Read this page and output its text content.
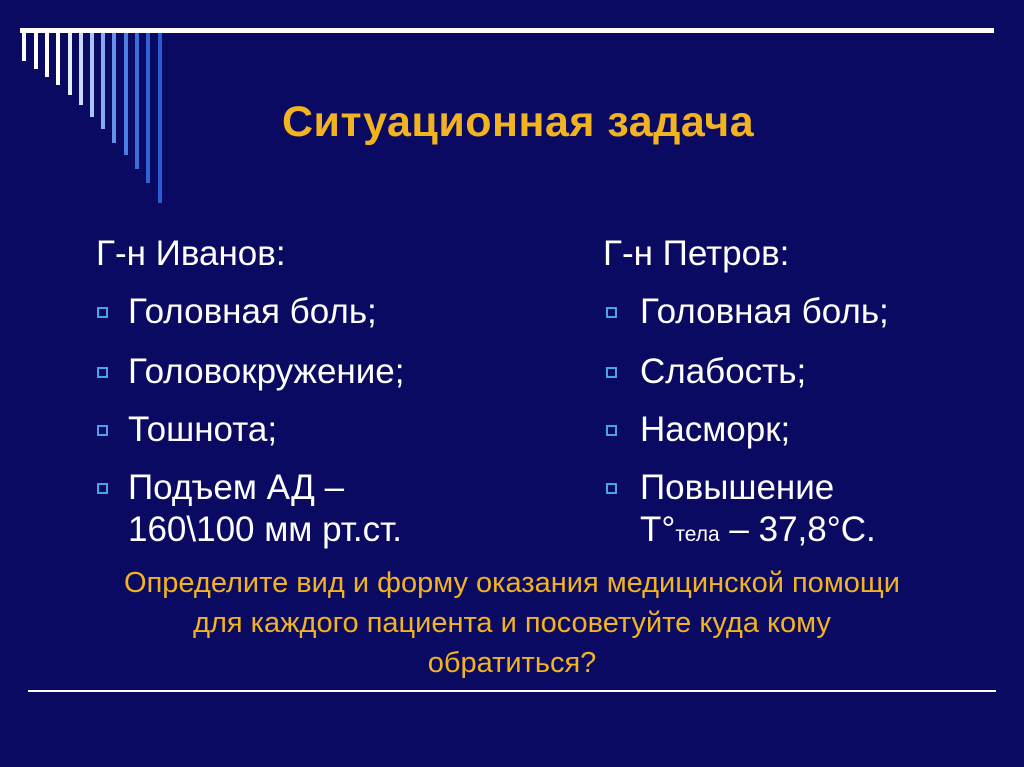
Ситуационная задача
Г-н Иванов:
Головная боль;
Головокружение;
Тошнота;
Подъем АД –
160\100 мм рт.ст.
Г-н Петров:
Головная боль;
Слабость;
Насморк;
Повышение
Т°тела – 37,8°С.
Определите вид и форму оказания медицинской помощи
для каждого пациента и посоветуйте куда кому
обратиться?
